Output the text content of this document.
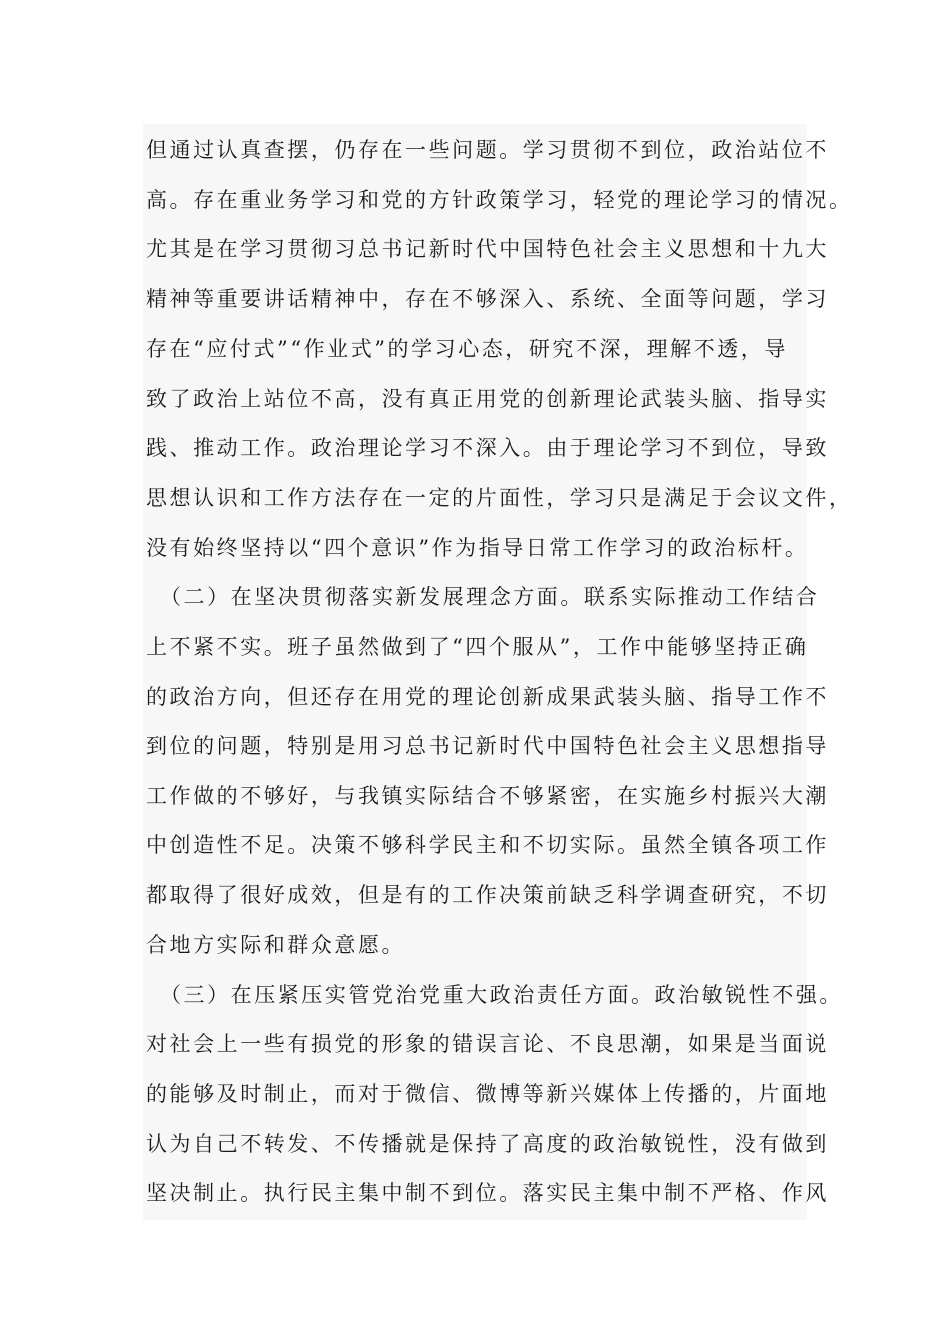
但通过认真查摆，仍存在一些问题。学习贯彻不到位，政治站位不

高。存在重业务学习和党的方针政策学习，轻党的理论学习的情况。

尤其是在学习贯彻习总书记新时代中国特色社会主义思想和十九大

精神等重要讲话精神中，存在不够深入、系统、全面等问题，学习

存在“应付式”“作业式”的学习心态，研究不深，理解不透，导

致了政治上站位不高，没有真正用党的创新理论武装头脑、指导实

践、推动工作。政治理论学习不深入。由于理论学习不到位，导致

思想认识和工作方法存在一定的片面性，学习只是满足于会议文件，

没有始终坚持以“四个意识”作为指导日常工作学习的政治标杆。

（二）在坚决贯彻落实新发展理念方面。联系实际推动工作结合

上不紧不实。班子虽然做到了“四个服从”，工作中能够坚持正确

的政治方向，但还存在用党的理论创新成果武装头脑、指导工作不

到位的问题，特别是用习总书记新时代中国特色社会主义思想指导

工作做的不够好，与我镇实际结合不够紧密，在实施乡村振兴大潮

中创造性不足。决策不够科学民主和不切实际。虽然全镇各项工作

都取得了很好成效，但是有的工作决策前缺乏科学调查研究，不切

合地方实际和群众意愿。

（三）在压紧压实管党治党重大政治责任方面。政治敏锐性不强。

对社会上一些有损党的形象的错误言论、不良思潮，如果是当面说

的能够及时制止，而对于微信、微博等新兴媒体上传播的，片面地

认为自己不转发、不传播就是保持了高度的政治敏锐性，没有做到

坚决制止。执行民主集中制不到位。落实民主集中制不严格、作风
